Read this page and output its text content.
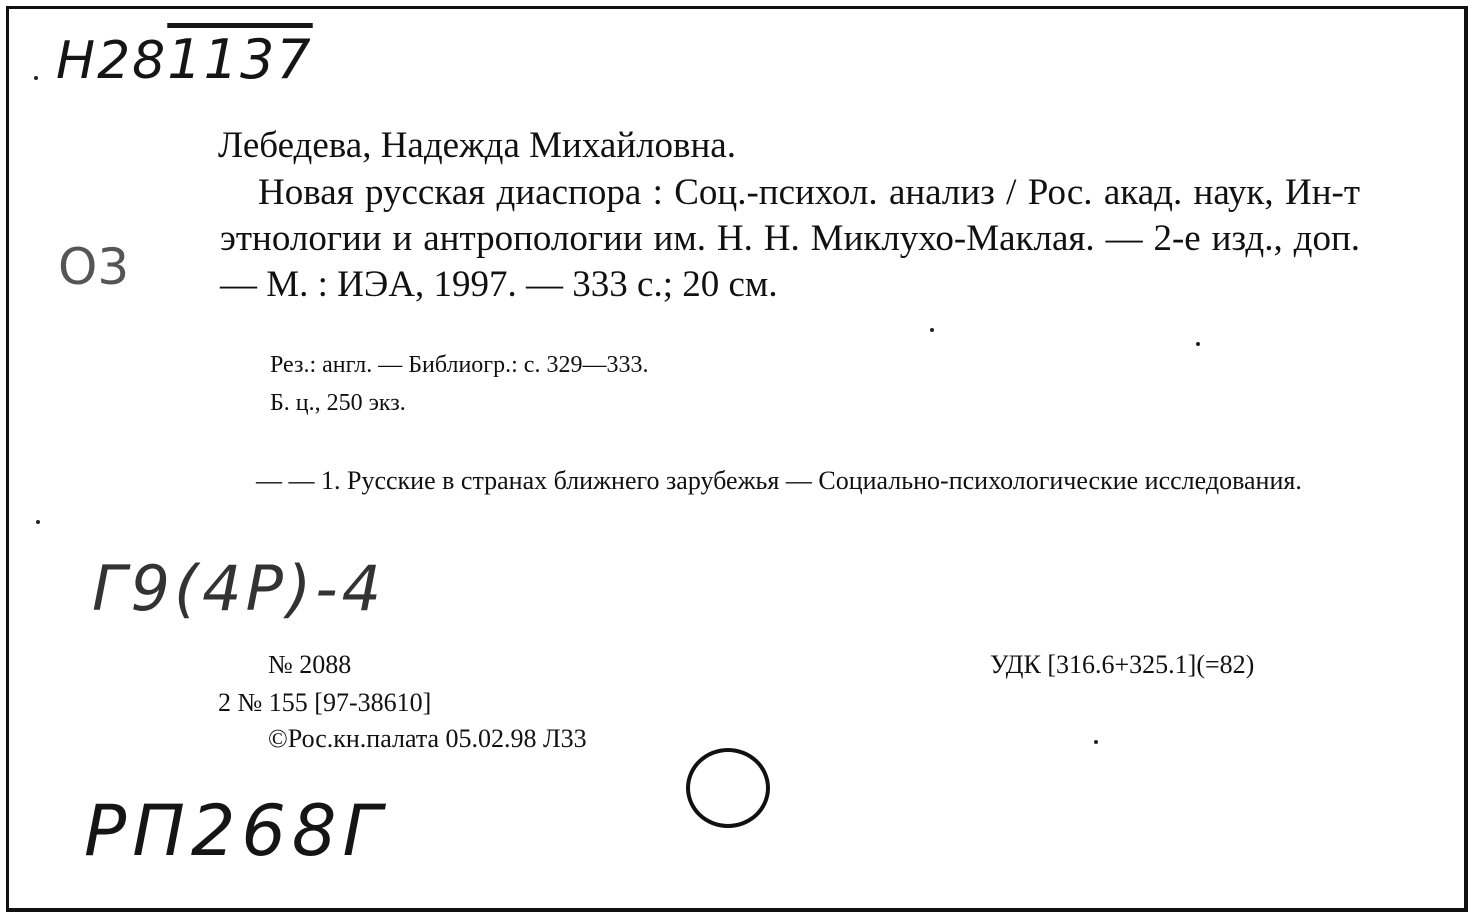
Н281137
О3
Лебедева, Надежда Михайловна.
Новая русская диаспора : Соц.-психол. анализ / Рос. акад. наук, Ин-т этнологии и антропологии им. Н. Н. Миклухо-Маклая. — 2-е изд., доп. — М. : ИЭА, 1997. — 333 с.; 20 см.
Рез.: англ. — Библиогр.: с. 329—333.
Б. ц., 250 экз.
— — 1. Русские в странах ближнего зарубежья — Социально-психологические исследования.
Г9(4Р)-4
№ 2088	УДК [316.6+325.1](=82)
2 № 155 [97-38610]
©Рос.кн.палата 05.02.98 Л33
РП268Г
